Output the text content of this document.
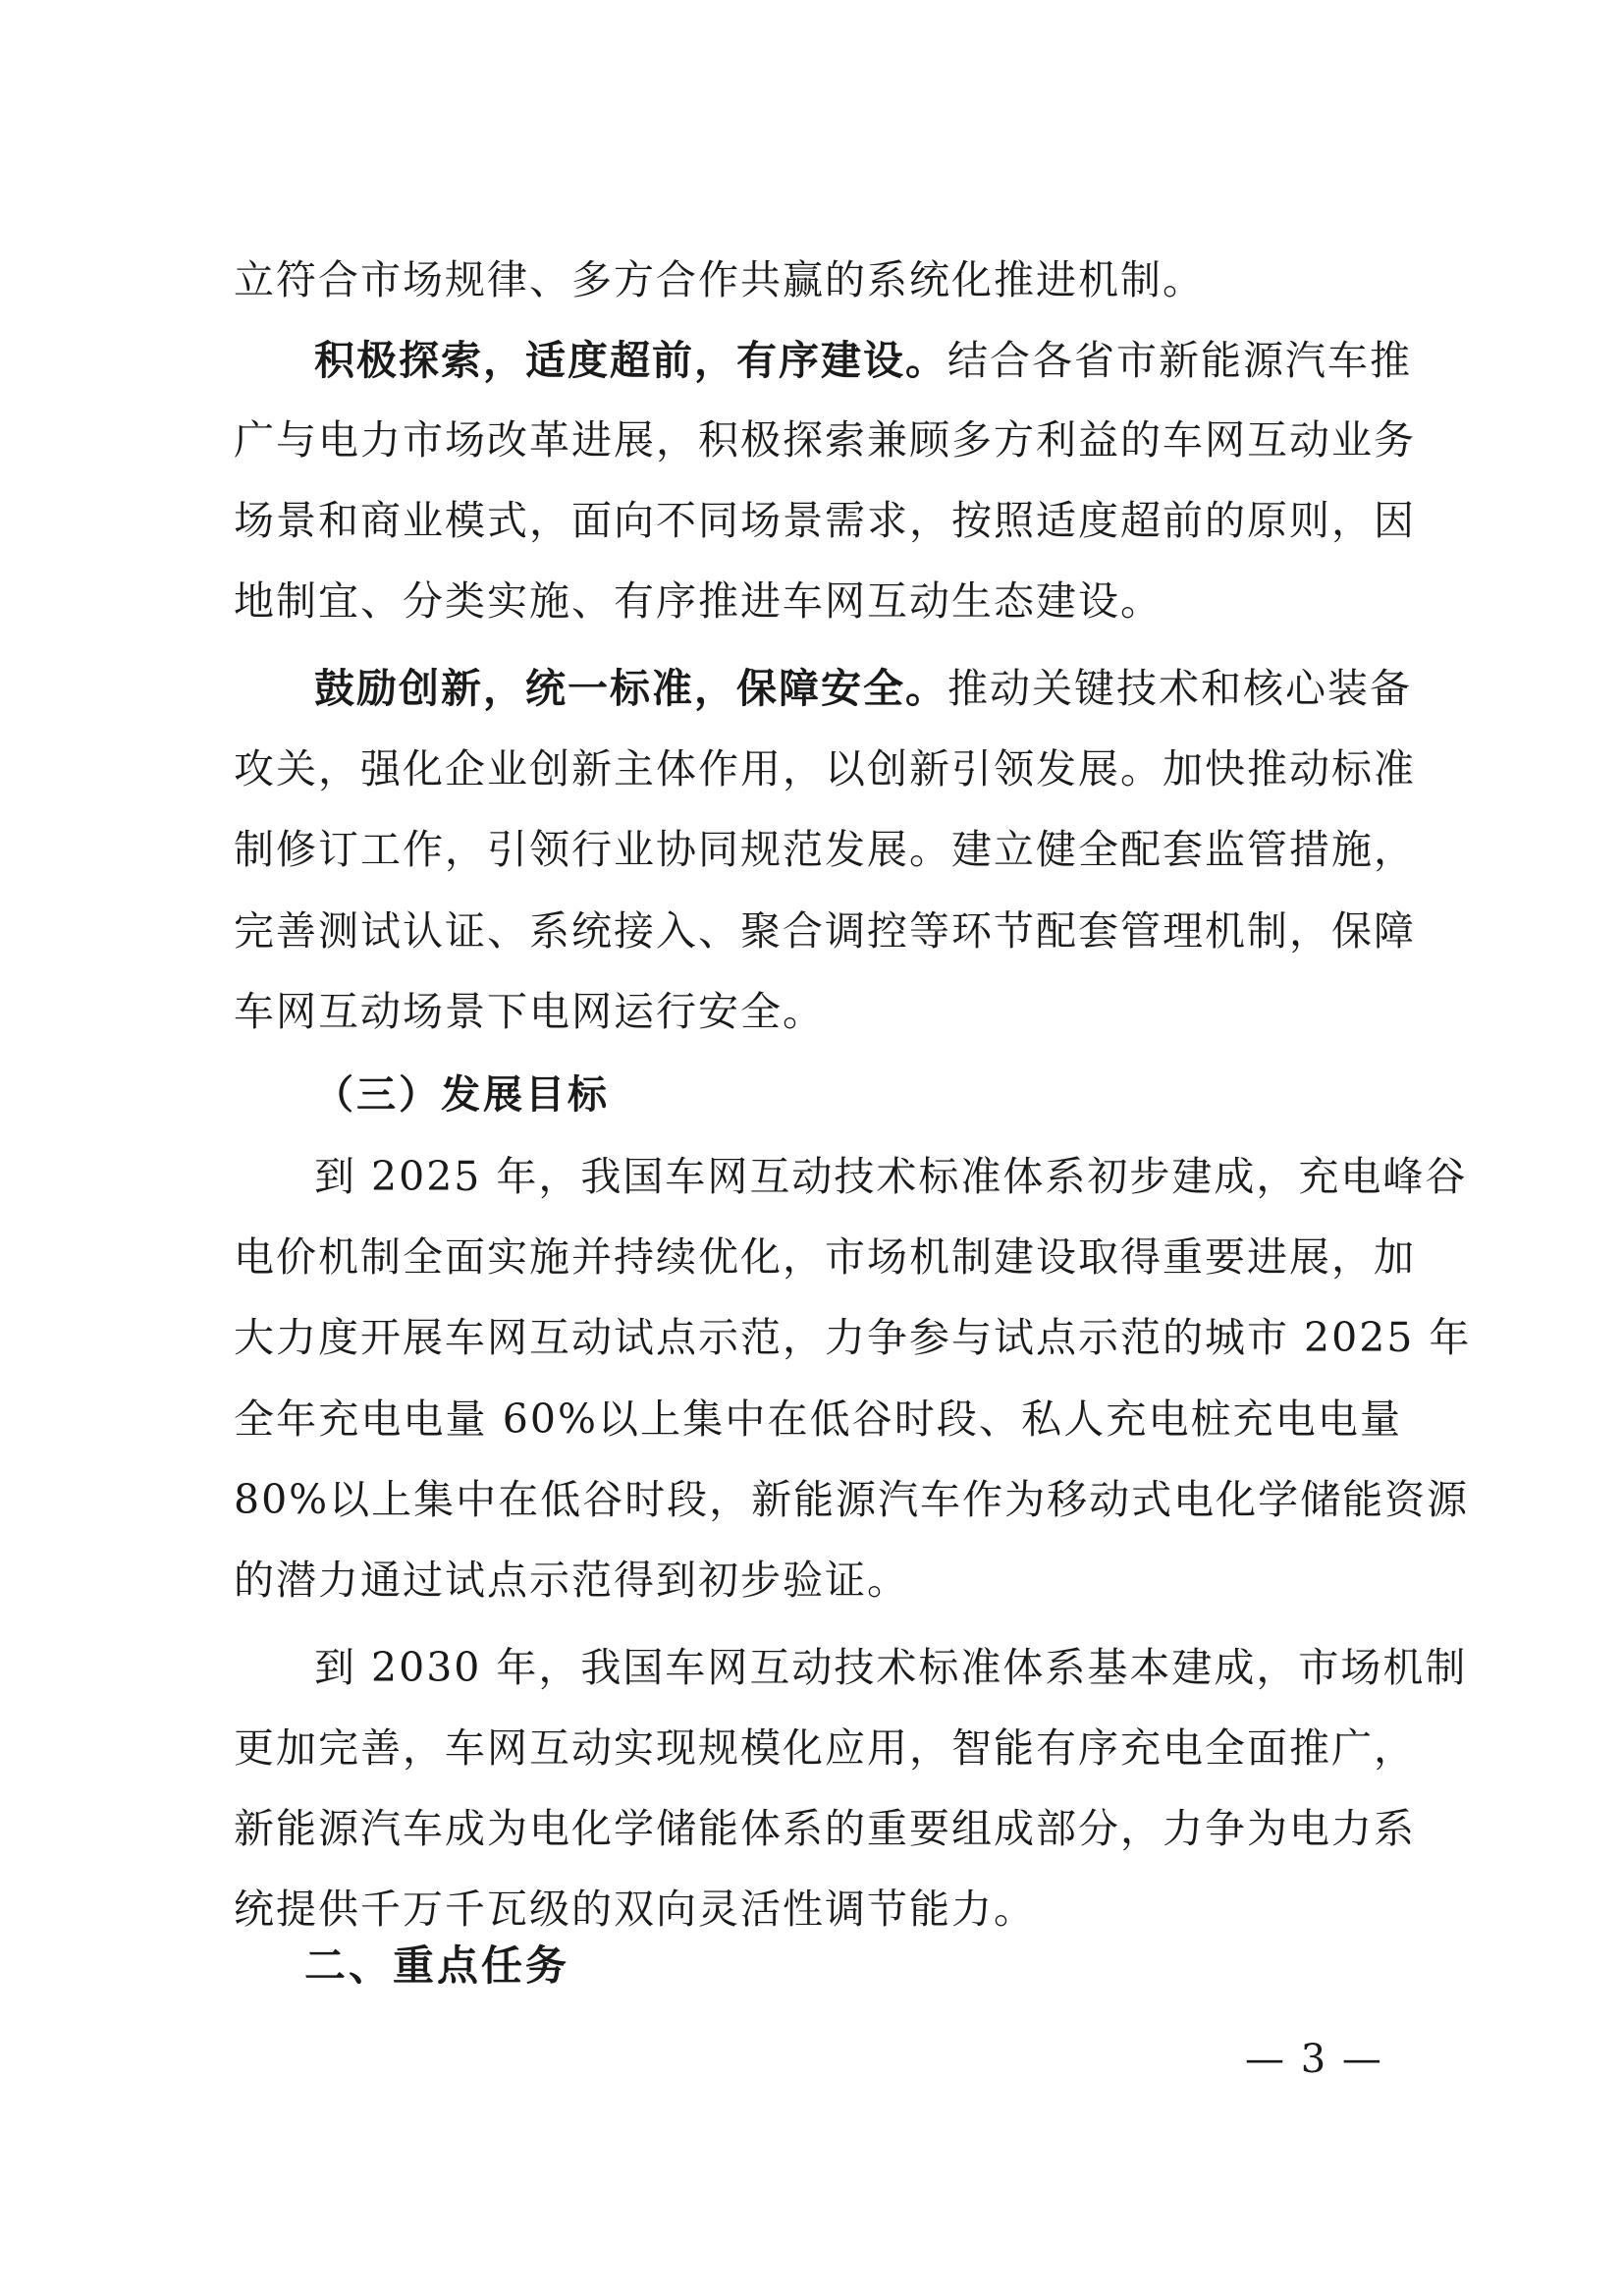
立符合市场规律、多方合作共赢的系统化推进机制。
积极探索，适度超前，有序建设。结合各省市新能源汽车推
广与电力市场改革进展，积极探索兼顾多方利益的车网互动业务
场景和商业模式，面向不同场景需求，按照适度超前的原则，因
地制宜、分类实施、有序推进车网互动生态建设。
鼓励创新，统一标准，保障安全。推动关键技术和核心装备
攻关，强化企业创新主体作用，以创新引领发展。加快推动标准
制修订工作，引领行业协同规范发展。建立健全配套监管措施，
完善测试认证、系统接入、聚合调控等环节配套管理机制，保障
车网互动场景下电网运行安全。
（三）发展目标
到 2025 年，我国车网互动技术标准体系初步建成，充电峰谷
电价机制全面实施并持续优化，市场机制建设取得重要进展，加
大力度开展车网互动试点示范，力争参与试点示范的城市 2025 年
全年充电电量 60%以上集中在低谷时段、私人充电桩充电电量
80%以上集中在低谷时段，新能源汽车作为移动式电化学储能资源
的潜力通过试点示范得到初步验证。
到 2030 年，我国车网互动技术标准体系基本建成，市场机制
更加完善，车网互动实现规模化应用，智能有序充电全面推广，
新能源汽车成为电化学储能体系的重要组成部分，力争为电力系
统提供千万千瓦级的双向灵活性调节能力。
二、重点任务
— 3 —
